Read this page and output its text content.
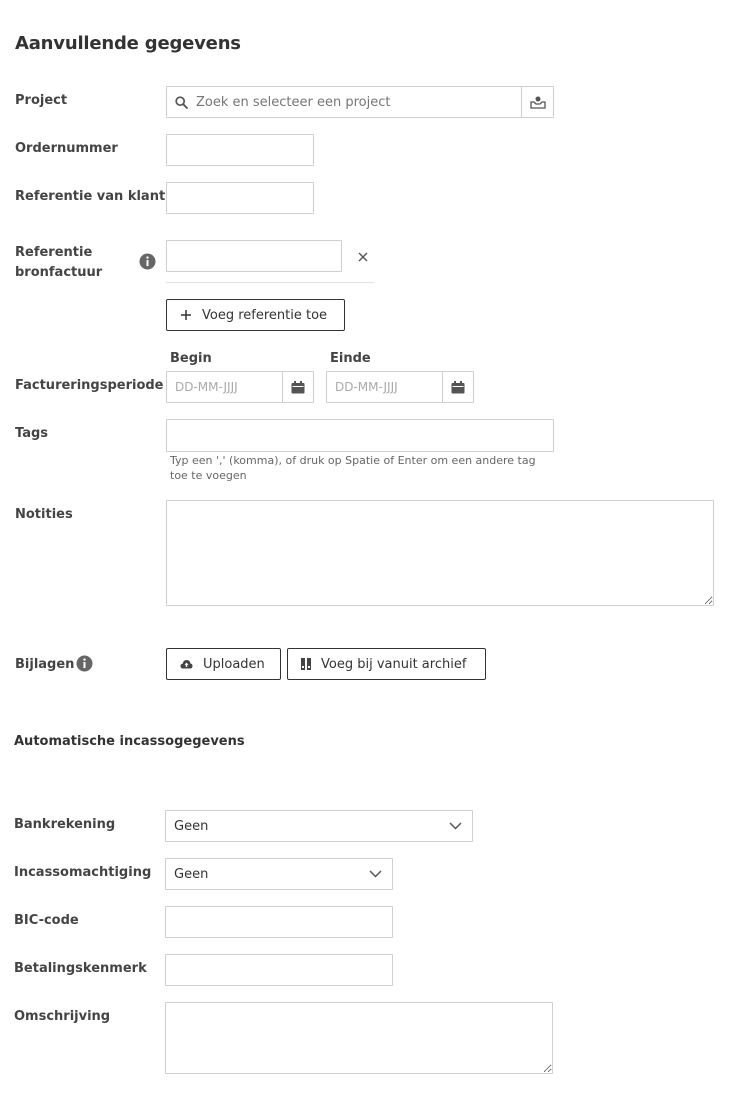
Aanvullende gegevens
Project
Zoek en selecteer een project
Ordernummer
Referentie van klant
Referentie
bronfactuur
Voeg referentie toe
Begin	Einde
Factureringsperiode DD-MM-JJJJ	DD-MM-JJJJ
Tags
Typ een ',' (komma), of druk op Spatie of Enter om een andere tag toe te voegen
Notities
Bijlagen	Uploaden	Voeg bij vanuit archief
Automatische incassogegevens
Bankrekening	Geen
Incassomachtiging Geen
BIC-code
Betalingskenmerk
Omschrijving
